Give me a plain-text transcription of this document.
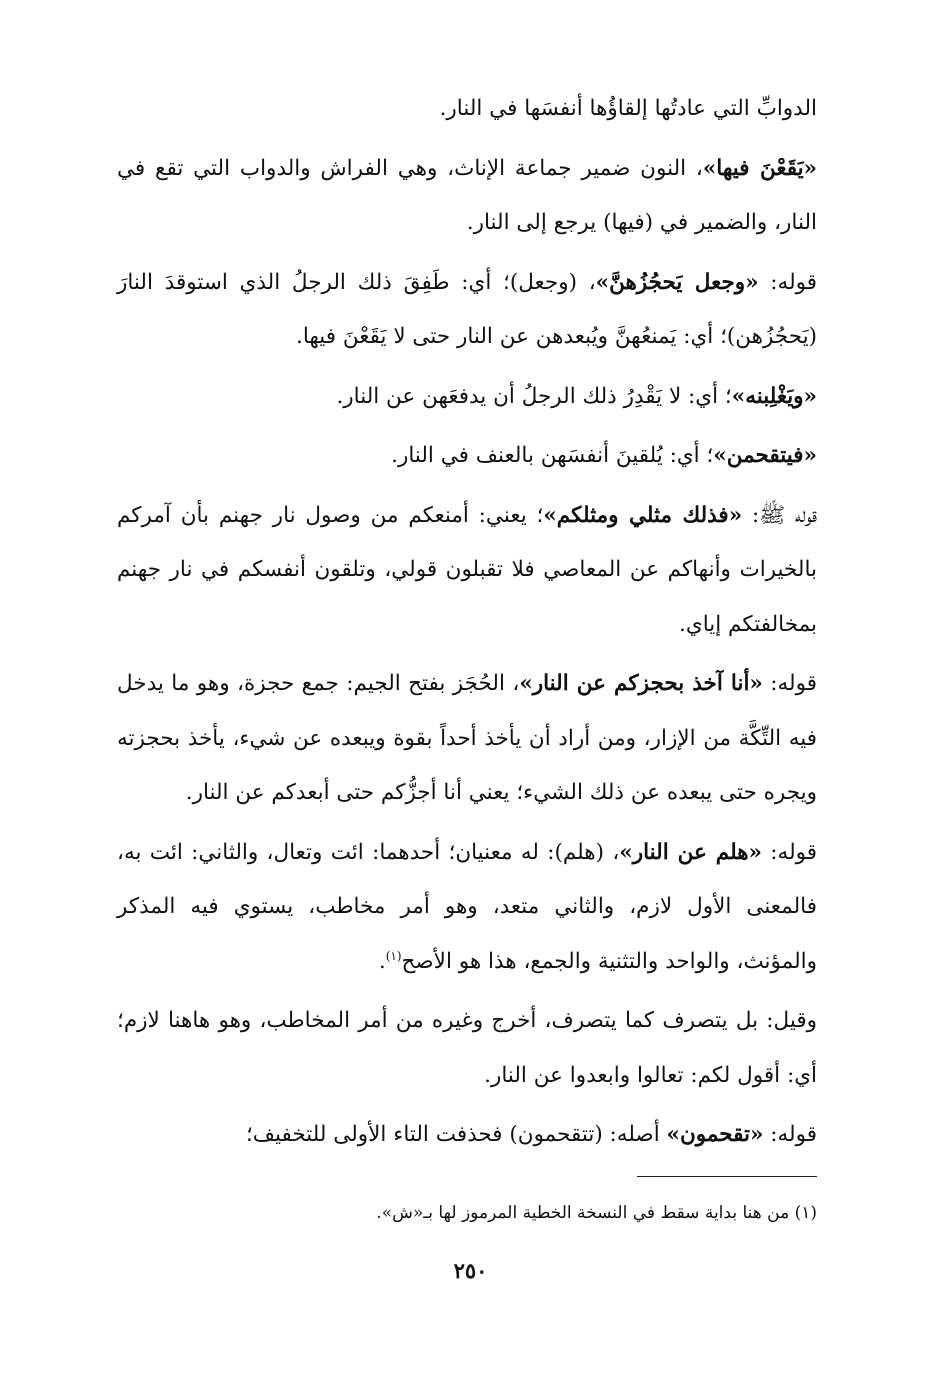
الدوابِّ التي عادتُها إلقاؤُها أنفسَها في النار.

«يَقَعْنَ فيها»، النون ضمير جماعة الإناث، وهي الفراش والدواب التي تقع في النار، والضمير في (فيها) يرجع إلى النار.

قوله: «وجعل يَحجُزُهنَّ»، (وجعل)؛ أي: طَفِقَ ذلك الرجلُ الذي استوقدَ النارَ (يَحجُزُهن)؛ أي: يَمنعُهنَّ ويُبعدهن عن النار حتى لا يَقَعْنَ فيها.

«ويَغْلِبنه»؛ أي: لا يَقْدِرُ ذلك الرجلُ أن يدفعَهن عن النار.

«فيتقحمن»؛ أي: يُلقينَ أنفسَهن بالعنف في النار.

قوله ﷺ: «فذلك مثلي ومثلكم»؛ يعني: أمنعكم من وصول نار جهنم بأن آمركم بالخيرات وأنهاكم عن المعاصي فلا تقبلون قولي، وتلقون أنفسكم في نار جهنم بمخالفتكم إياي.

قوله: «أنا آخذ بحجزكم عن النار»، الحُجَز بفتح الجيم: جمع حجزة، وهو ما يدخل فيه التِّكَّة من الإزار، ومن أراد أن يأخذ أحداً بقوة ويبعده عن شيء، يأخذ بحجزته ويجره حتى يبعده عن ذلك الشيء؛ يعني أنا أجزُّكم حتى أبعدكم عن النار.

قوله: «هلم عن النار»، (هلم): له معنيان؛ أحدهما: ائت وتعال، والثاني: ائت به، فالمعنى الأول لازم، والثاني متعد، وهو أمر مخاطب، يستوي فيه المذكر والمؤنث، والواحد والتثنية والجمع، هذا هو الأصح$^{(١)}$.

وقيل: بل يتصرف كما يتصرف، أخرج وغيره من أمر المخاطب، وهو هاهنا لازم؛ أي: أقول لكم: تعالوا وابعدوا عن النار.

قوله: «تقحمون» أصله: (تتقحمون) فحذفت التاء الأولى للتخفيف؛

(١) من هنا بداية سقط في النسخة الخطية المرموز لها بـ«ش».
٢٥٠
